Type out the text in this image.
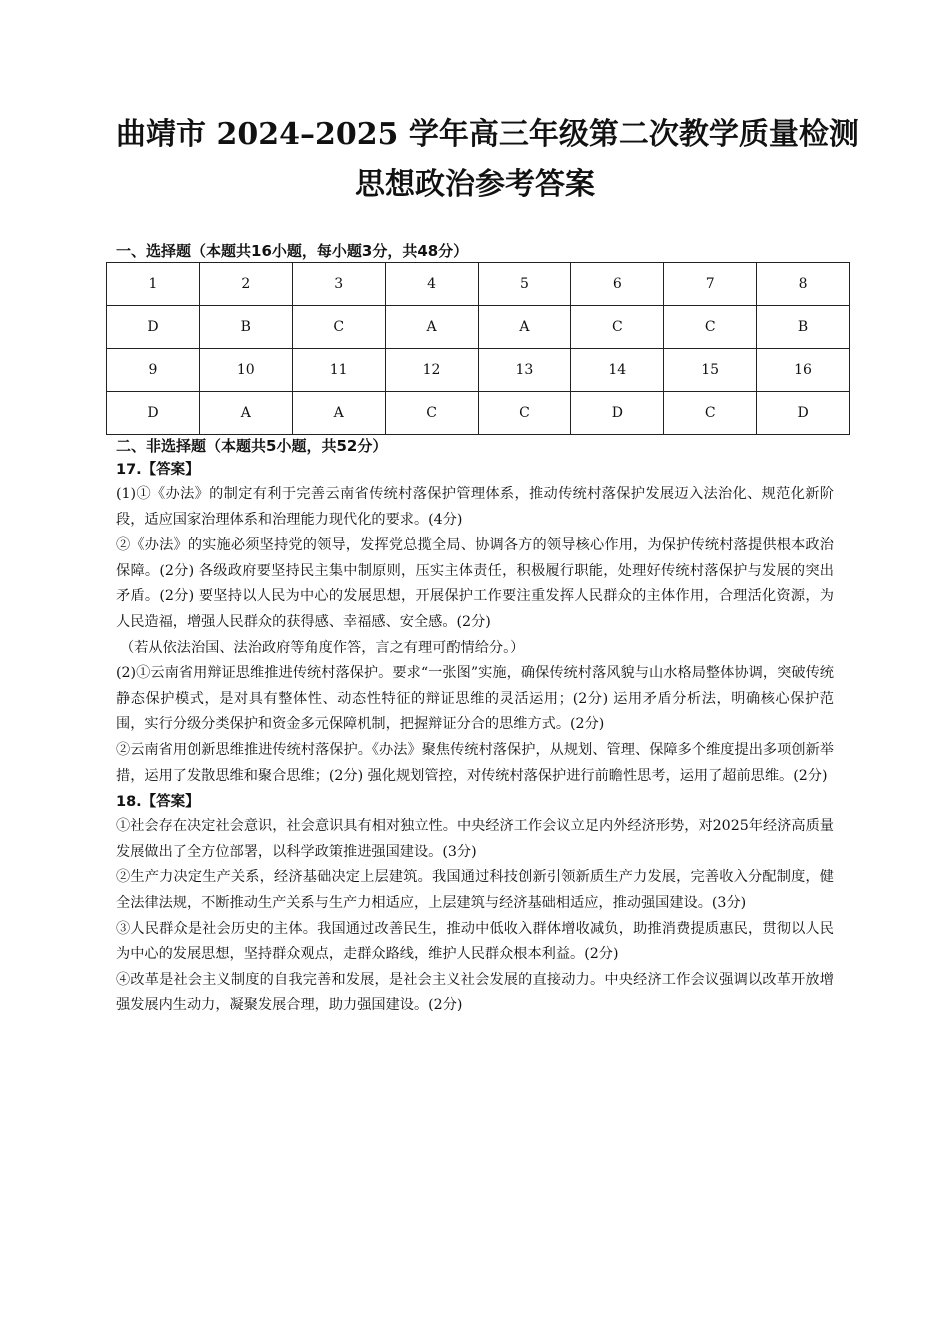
曲靖市 2024–2025 学年高三年级第二次教学质量检测
思想政治参考答案
一、选择题（本题共16小题，每小题3分，共48分）
1	2	3	4	5	6	7	8
D	B	C	A	A	C	C	B
9	10	11	12	13	14	15	16
D	A	A	C	C	D	C	D
二、非选择题（本题共5小题，共52分）
17.【答案】

(1)①《办法》的制定有利于完善云南省传统村落保护管理体系，推动传统村落保护发展迈入法治化、规范化新阶段，适应国家治理体系和治理能力现代化的要求。(4分)

②《办法》的实施必须坚持党的领导，发挥党总揽全局、协调各方的领导核心作用，为保护传统村落提供根本政治保障。(2分) 各级政府要坚持民主集中制原则，压实主体责任，积极履行职能，处理好传统村落保护与发展的突出矛盾。(2分) 要坚持以人民为中心的发展思想，开展保护工作要注重发挥人民群众的主体作用，合理活化资源，为人民造福，增强人民群众的获得感、幸福感、安全感。(2分)

（若从依法治国、法治政府等角度作答，言之有理可酌情给分。）

(2)①云南省用辩证思维推进传统村落保护。要求“一张图”实施，确保传统村落风貌与山水格局整体协调，突破传统静态保护模式，是对具有整体性、动态性特征的辩证思维的灵活运用；(2分) 运用矛盾分析法，明确核心保护范围，实行分级分类保护和资金多元保障机制，把握辩证分合的思维方式。(2分)

②云南省用创新思维推进传统村落保护。《办法》聚焦传统村落保护，从规划、管理、保障多个维度提出多项创新举措，运用了发散思维和聚合思维；(2分) 强化规划管控，对传统村落保护进行前瞻性思考，运用了超前思维。(2分)

18.【答案】

①社会存在决定社会意识，社会意识具有相对独立性。中央经济工作会议立足内外经济形势，对2025年经济高质量发展做出了全方位部署，以科学政策推进强国建设。(3分)

②生产力决定生产关系，经济基础决定上层建筑。我国通过科技创新引领新质生产力发展，完善收入分配制度，健全法律法规，不断推动生产关系与生产力相适应，上层建筑与经济基础相适应，推动强国建设。(3分)

③人民群众是社会历史的主体。我国通过改善民生，推动中低收入群体增收减负，助推消费提质惠民，贯彻以人民为中心的发展思想，坚持群众观点，走群众路线，维护人民群众根本利益。(2分)

④改革是社会主义制度的自我完善和发展，是社会主义社会发展的直接动力。中央经济工作会议强调以改革开放增强发展内生动力，凝聚发展合理，助力强国建设。(2分)
